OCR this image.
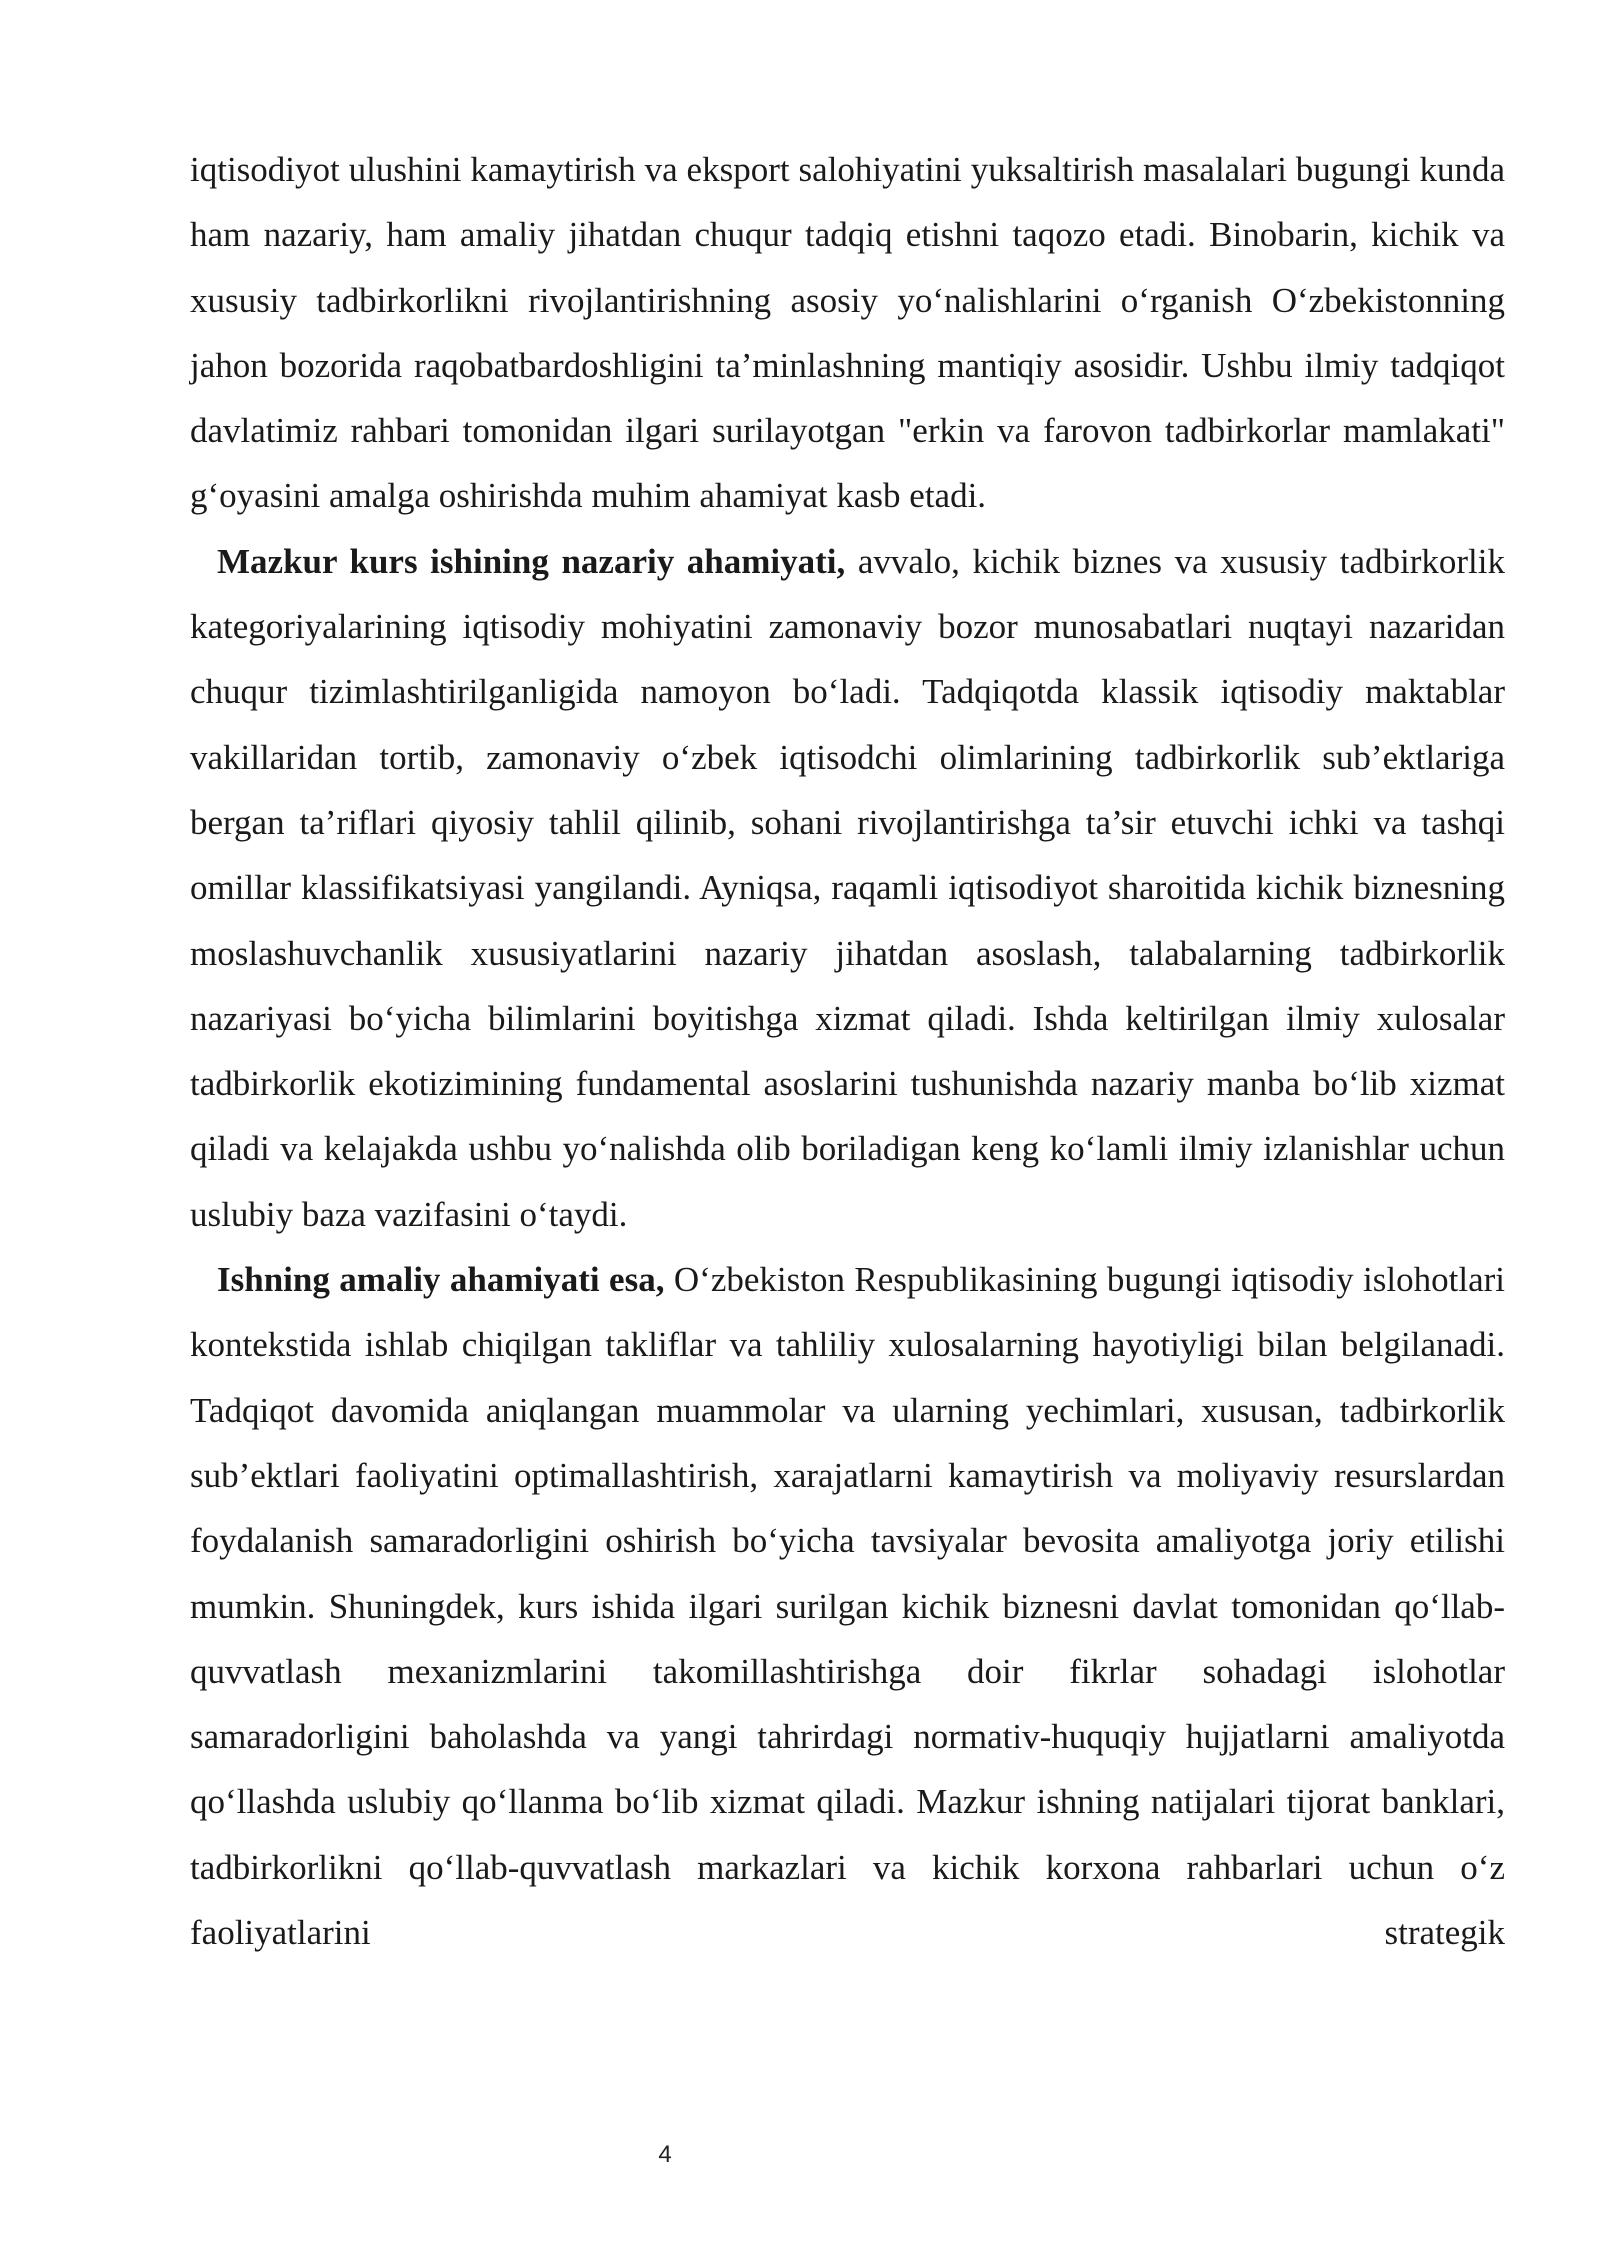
iqtisodiyot ulushini kamaytirish va eksport salohiyatini yuksaltirish masalalari bugungi kunda ham nazariy, ham amaliy jihatdan chuqur tadqiq etishni taqozo etadi. Binobarin, kichik va xususiy tadbirkorlikni rivojlantirishning asosiy yo‘nalishlarini o‘rganish O‘zbekistonning jahon bozorida raqobatbardoshligini ta’minlashning mantiqiy asosidir. Ushbu ilmiy tadqiqot davlatimiz rahbari tomonidan ilgari surilayotgan "erkin va farovon tadbirkorlar mamlakati" g‘oyasini amalga oshirishda muhim ahamiyat kasb etadi.

Mazkur kurs ishining nazariy ahamiyati, avvalo, kichik biznes va xususiy tadbirkorlik kategoriyalarining iqtisodiy mohiyatini zamonaviy bozor munosabatlari nuqtayi nazaridan chuqur tizimlashtirilganligida namoyon bo‘ladi. Tadqiqotda klassik iqtisodiy maktablar vakillaridan tortib, zamonaviy o‘zbek iqtisodchi olimlarining tadbirkorlik sub’ektlariga bergan ta’riflari qiyosiy tahlil qilinib, sohani rivojlantirishga ta’sir etuvchi ichki va tashqi omillar klassifikatsiyasi yangilandi. Ayniqsa, raqamli iqtisodiyot sharoitida kichik biznesning moslashuvchanlik xususiyatlarini nazariy jihatdan asoslash, talabalarning tadbirkorlik nazariyasi bo‘yicha bilimlarini boyitishga xizmat qiladi. Ishda keltirilgan ilmiy xulosalar tadbirkorlik ekotizimining fundamental asoslarini tushunishda nazariy manba bo‘lib xizmat qiladi va kelajakda ushbu yo‘nalishda olib boriladigan keng ko‘lamli ilmiy izlanishlar uchun uslubiy baza vazifasini o‘taydi.

Ishning amaliy ahamiyati esa, O‘zbekiston Respublikasining bugungi iqtisodiy islohotlari kontekstida ishlab chiqilgan takliflar va tahliliy xulosalarning hayotiyligi bilan belgilanadi. Tadqiqot davomida aniqlangan muammolar va ularning yechimlari, xususan, tadbirkorlik sub’ektlari faoliyatini optimallashtirish, xarajatlarni kamaytirish va moliyaviy resurslardan foydalanish samaradorligini oshirish bo‘yicha tavsiyalar bevosita amaliyotga joriy etilishi mumkin. Shuningdek, kurs ishida ilgari surilgan kichik biznesni davlat tomonidan qo‘llab-quvvatlash mexanizmlarini takomillashtirishga doir fikrlar sohadagi islohotlar samaradorligini baholashda va yangi tahrirdagi normativ-huquqiy hujjatlarni amaliyotda qo‘llashda uslubiy qo‘llanma bo‘lib xizmat qiladi. Mazkur ishning natijalari tijorat banklari, tadbirkorlikni qo‘llab-quvvatlash markazlari va kichik korxona rahbarlari uchun o‘z faoliyatlarini strategik

4
